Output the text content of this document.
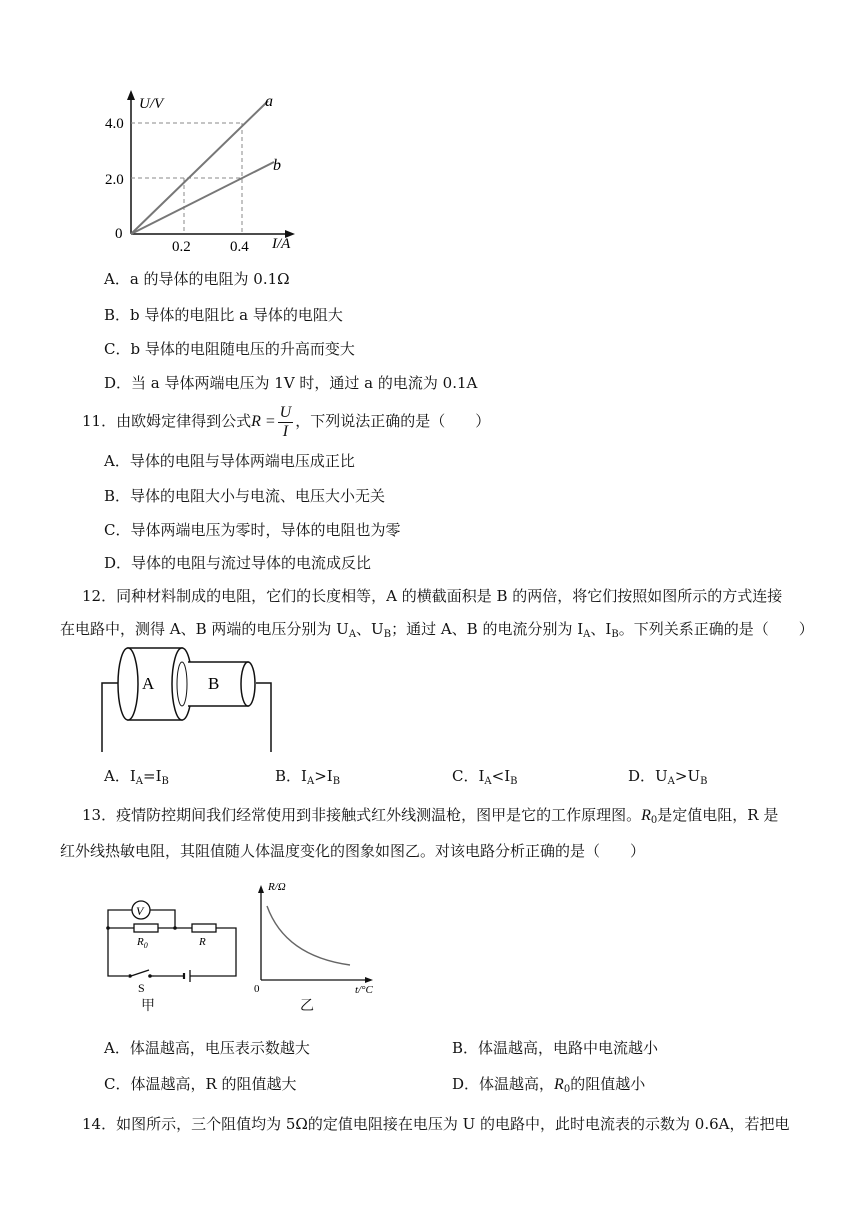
U/V
4.0
2.0
0
0.2	0.4 I/A
a
b
A．a 的导体的电阻为 0.1Ω
B．b 导体的电阻比 a 导体的电阻大
C．b 导体的电阻随电压的升高而变大
D．当 a 导体两端电压为 1V 时，通过 a 的电流为 0.1A
11．由欧姆定律得到公式$R = \frac{U}{I}$ ，下列说法正确的是（　　）
A．导体的电阻与导体两端电压成正比
B．导体的电阻大小与电流、电压大小无关
C．导体两端电压为零时，导体的电阻也为零
D．导体的电阻与流过导体的电流成反比
12．同种材料制成的电阻，它们的长度相等，A 的横截面积是 B 的两倍，将它们按照如图所示的方式连接
在电路中，测得 A、B 两端的电压分别为 $U_A$、$U_B$；通过 A、B 的电流分别为 $I_A$、$I_B$。下列关系正确的是（　　）
A	B
A．$I_A=I_B$	B．$I_A>I_B$	C．$I_A<I_B$	D．$U_A>U_B$
13．疫情防控期间我们经常使用到非接触式红外线测温枪，图甲是它的工作原理图。$R_0$是定值电阻，R 是
红外线热敏电阻，其阻值随人体温度变化的图象如图乙。对该电路分析正确的是（　　）
V
$R_0$	R
S
甲
R/Ω
0	t/°C
乙
A．体温越高，电压表示数越大	B．体温越高，电路中电流越小
C．体温越高，R 的阻值越大	D．体温越高，$R_0$的阻值越小
14．如图所示，三个阻值均为 5Ω的定值电阻接在电压为 U 的电路中，此时电流表的示数为 0.6A，若把电
